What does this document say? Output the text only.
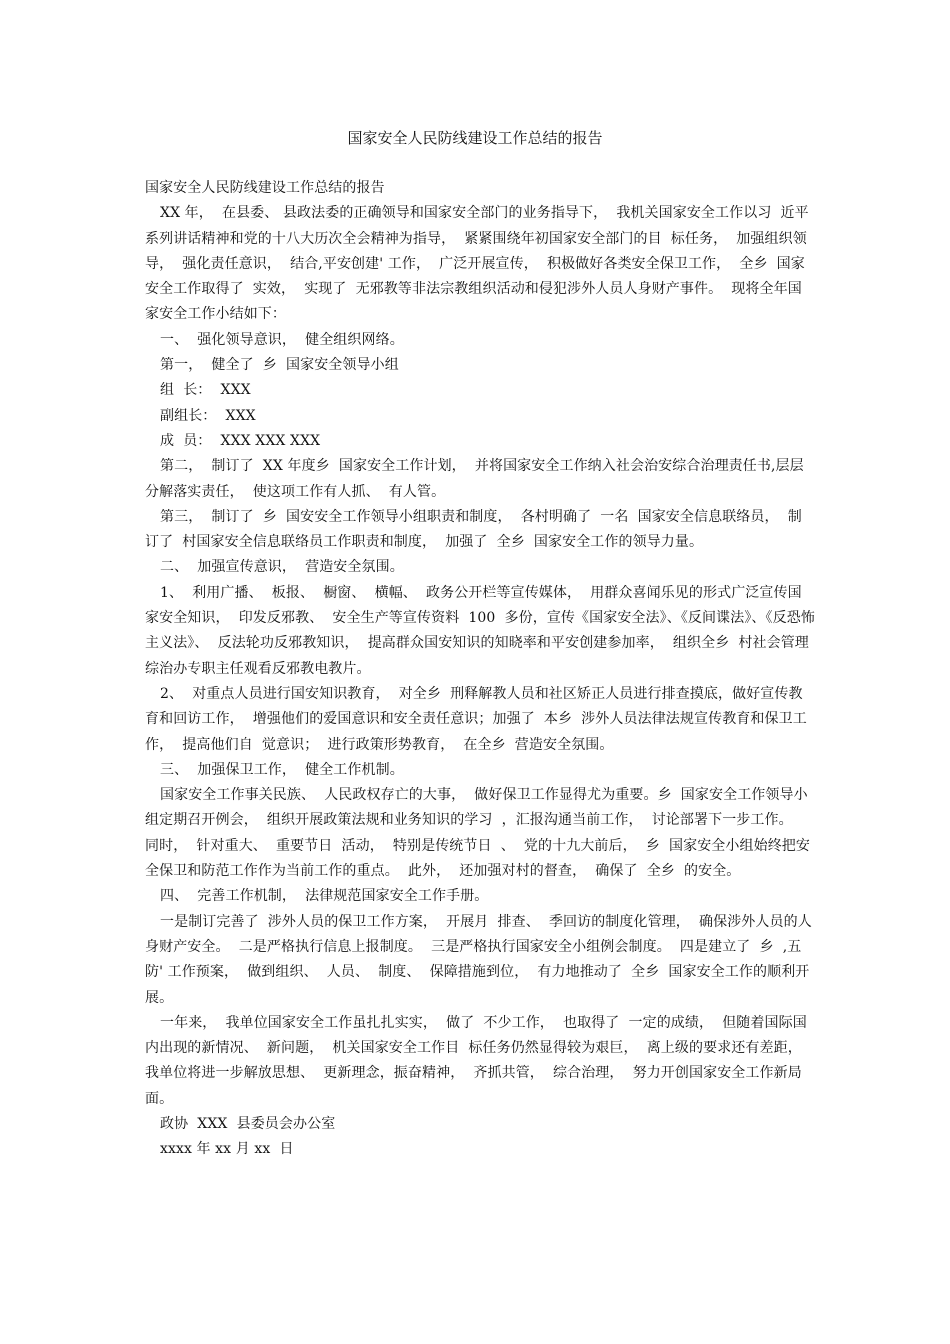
国家安全人民防线建设工作总结的报告

国家安全人民防线建设工作总结的报告

XX 年，  在县委、 县政法委的正确领导和国家安全部门的业务指导下，  我机关国家安全工作以习  近平系列讲话精神和党的十八大历次全会精神为指导，  紧紧围绕年初国家安全部门的目  标任务，  加强组织领导，  强化责任意识，  结合,平安创建' 工作，  广泛开展宣传，  积极做好各类安全保卫工作，  全乡  国家安全工作取得了  实效，  实现了  无邪教等非法宗教组织活动和侵犯涉外人员人身财产事件。  现将全年国家安全工作小结如下：

一、  强化领导意识，  健全组织网络。

第一，  健全了  乡  国家安全领导小组

组  长：  XXX

副组长：  XXX

成  员：  XXX XXX XXX

第二，  制订了  XX 年度乡  国家安全工作计划，  并将国家安全工作纳入社会治安综合治理责任书,层层分解落实责任，  使这项工作有人抓、  有人管。

第三，  制订了  乡  国安安全工作领导小组职责和制度，  各村明确了  一名  国家安全信息联络员，  制订了  村国家安全信息联络员工作职责和制度，  加强了  全乡  国家安全工作的领导力量。

二、  加强宣传意识，  营造安全氛围。

1、  利用广播、  板报、  橱窗、  横幅、  政务公开栏等宣传媒体，  用群众喜闻乐见的形式广泛宣传国家安全知识，  印发反邪教、  安全生产等宣传资料  100  多份，宣传《国家安全法》、《反间谍法》、《反恐怖主义法》、  反法轮功反邪教知识，  提高群众国安知识的知晓率和平安创建参加率，  组织全乡  村社会管理综治办专职主任观看反邪教电教片。

2、  对重点人员进行国安知识教育，  对全乡  刑释解教人员和社区矫正人员进行排查摸底，做好宣传教育和回访工作，  增强他们的爱国意识和安全责任意识；加强了  本乡  涉外人员法律法规宣传教育和保卫工作，  提高他们自  觉意识；  进行政策形势教育，  在全乡  营造安全氛围。

三、  加强保卫工作，  健全工作机制。

国家安全工作事关民族、  人民政权存亡的大事，  做好保卫工作显得尤为重要。乡  国家安全工作领导小组定期召开例会，  组织开展政策法规和业务知识的学习  ，汇报沟通当前工作，  讨论部署下一步工作。  同时，  针对重大、  重要节日  活动，  特别是传统节日  、  党的十九大前后，  乡  国家安全小组始终把安全保卫和防范工作作为当前工作的重点。  此外，  还加强对村的督查，  确保了  全乡  的安全。

四、  完善工作机制，  法律规范国家安全工作手册。

一是制订完善了  涉外人员的保卫工作方案，  开展月  排查、  季回访的制度化管理，  确保涉外人员的人身财产安全。  二是严格执行信息上报制度。  三是严格执行国家安全小组例会制度。  四是建立了  乡  ,五防' 工作预案，  做到组织、  人员、  制度、  保障措施到位，  有力地推动了  全乡  国家安全工作的顺利开展。

一年来，  我单位国家安全工作虽扎扎实实，  做了  不少工作，  也取得了  一定的成绩，  但随着国际国内出现的新情况、  新问题，  机关国家安全工作目  标任务仍然显得较为艰巨，  离上级的要求还有差距，  我单位将进一步解放思想、  更新理念，振奋精神，  齐抓共管，  综合治理，  努力开创国家安全工作新局面。

政协  XXX  县委员会办公室

xxxx 年 xx 月 xx  日
